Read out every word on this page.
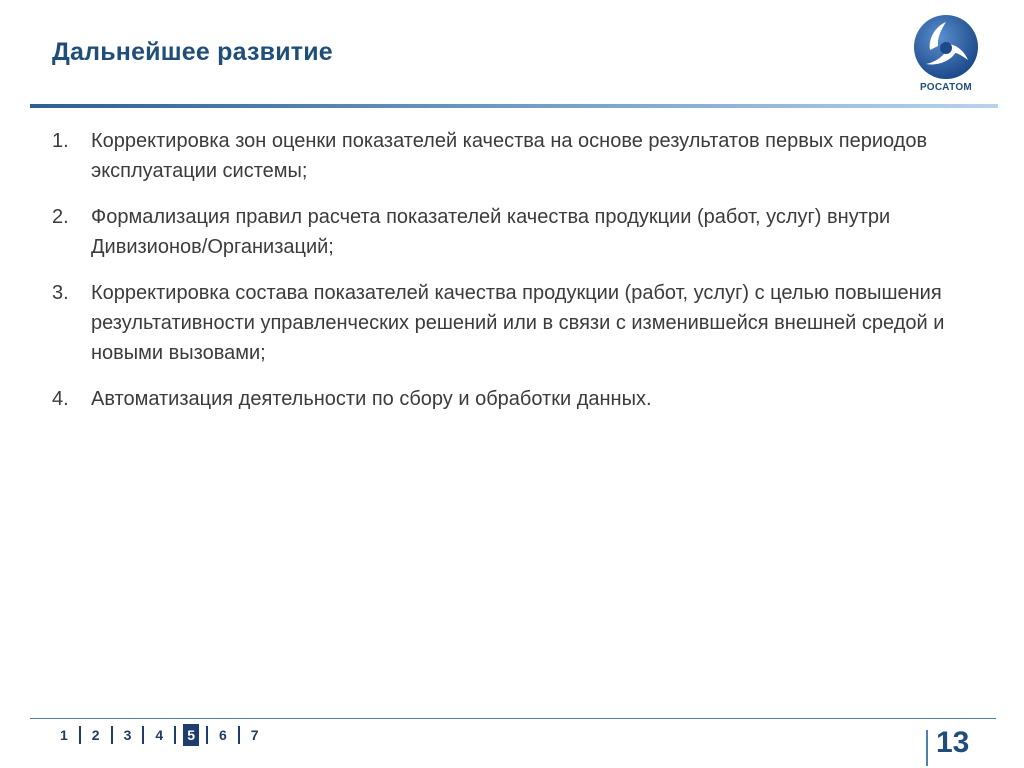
Дальнейшее развитие
РОСАТОМ
1.	Корректировка зон оценки показателей качества на основе результатов первых периодов эксплуатации системы;
2.	Формализация правил расчета показателей качества продукции (работ, услуг) внутри Дивизионов/Организаций;
3.	Корректировка состава показателей качества продукции (работ, услуг) с целью повышения результативности управленческих решений или в связи с изменившейся внешней средой и новыми вызовами;
4.	Автоматизация деятельности по сбору и обработки данных.
1 2 3 4 5 6 7	13
